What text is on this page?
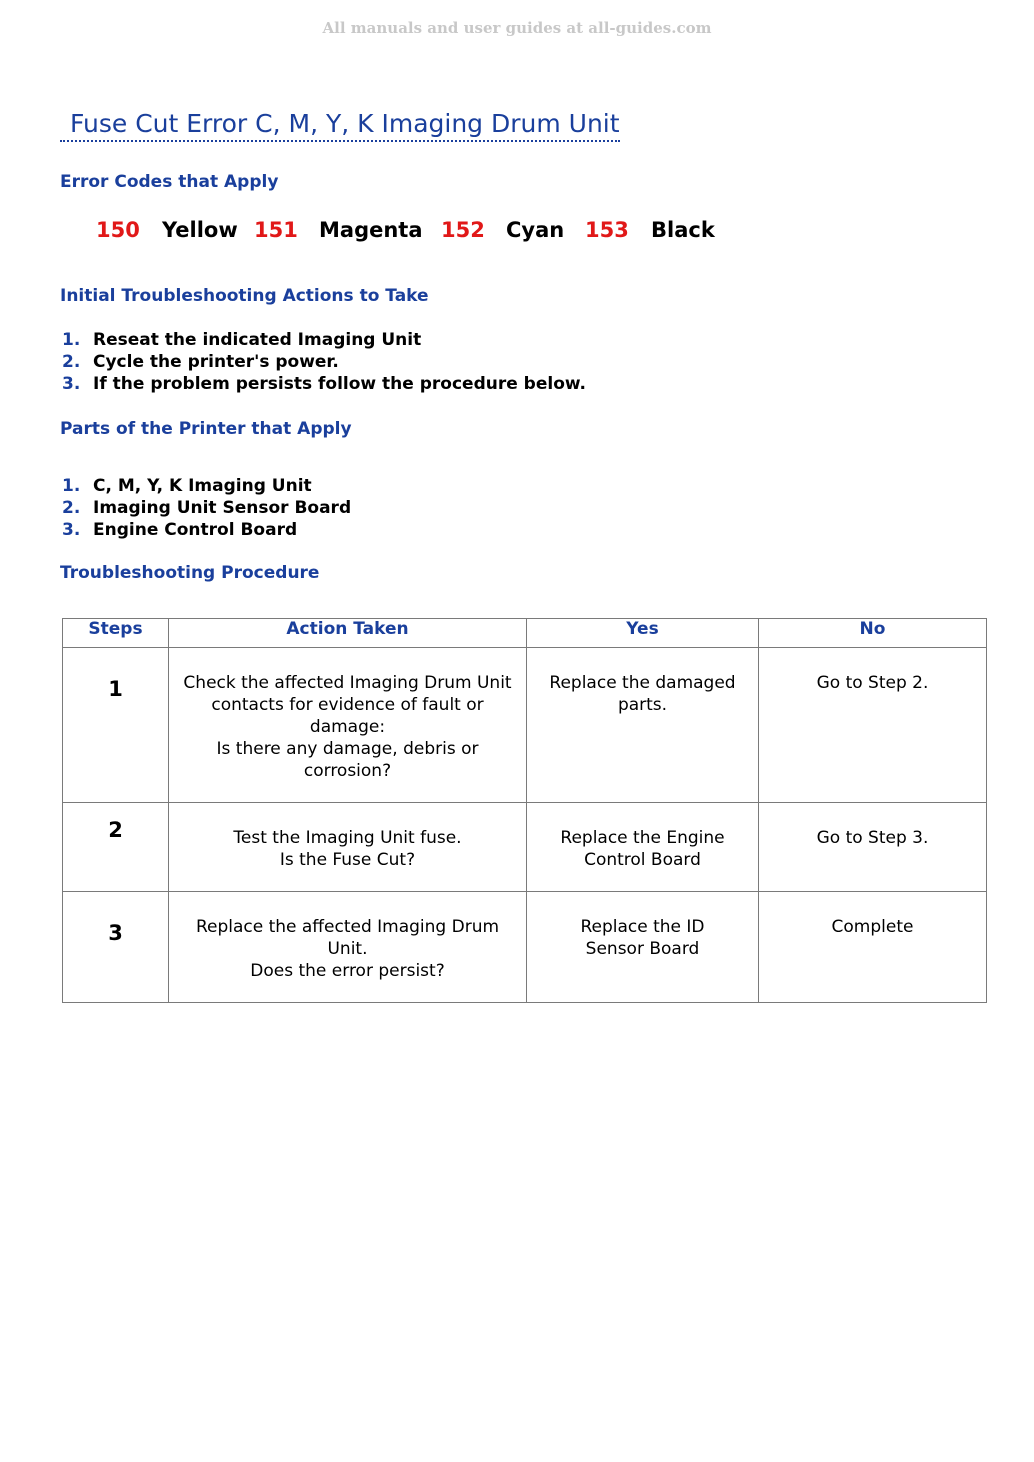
All manuals and user guides at all-guides.com
Fuse Cut Error C, M, Y, K Imaging Drum Unit
Error Codes that Apply
150 Yellow 151 Magenta 152 Cyan 153 Black
Initial Troubleshooting Actions to Take
1. Reseat the indicated Imaging Unit
2. Cycle the printer's power.
3. If the problem persists follow the procedure below.
Parts of the Printer that Apply
1. C, M, Y, K Imaging Unit
2. Imaging Unit Sensor Board
3. Engine Control Board
Troubleshooting Procedure
Steps	Action Taken	Yes	No
1	Check the affected Imaging Drum Unit
contacts for evidence of fault or
damage:
Is there any damage, debris or
corrosion?	Replace the damaged
parts.	Go to Step 2.
2	Test the Imaging Unit fuse.
Is the Fuse Cut?	Replace the Engine
Control Board	Go to Step 3.
3	Replace the affected Imaging Drum
Unit.
Does the error persist?	Replace the ID
Sensor Board	Complete
